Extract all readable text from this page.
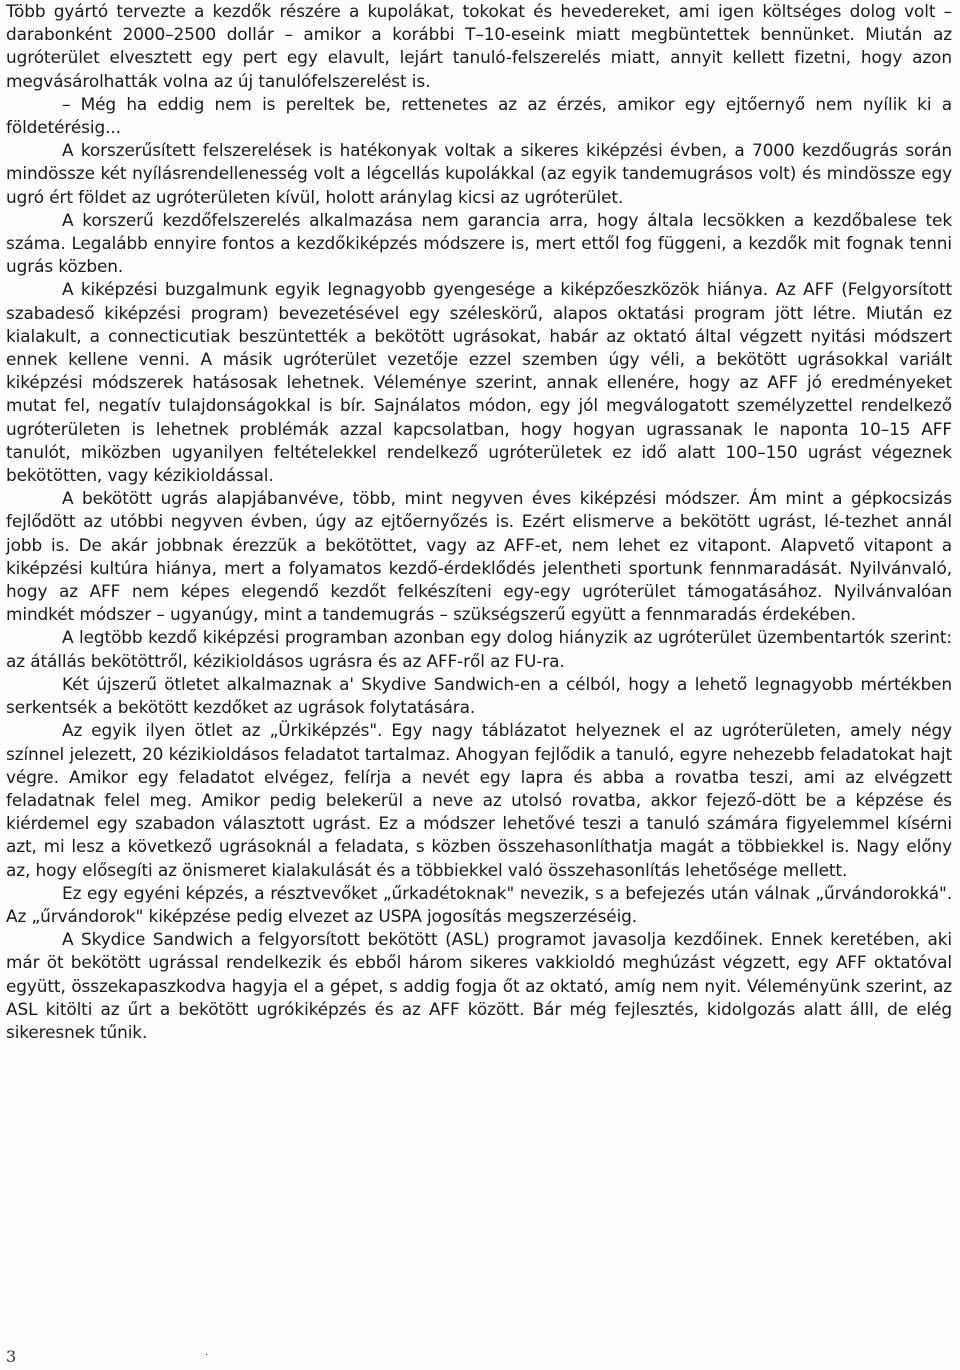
Több gyártó tervezte a kezdők részére a kupolákat, tokokat és hevedereket, ami igen költséges dolog volt – darabonként 2000–2500 dollár – amikor a korábbi T–10-eseink miatt megbüntettek bennünket. Miután az ugróterület elvesztett egy pert egy elavult, lejárt tanuló-felszerelés miatt, annyit kellett fizetni, hogy azon megvásárolhatták volna az új tanulófelszerelést is.

– Még ha eddig nem is pereltek be, rettenetes az az érzés, amikor egy ejtőernyő nem nyílik ki a földetérésig...

A korszerűsített felszerelések is hatékonyak voltak a sikeres kiképzési évben, a 7000 kezdőugrás során mindössze két nyílásrendellenesség volt a légcellás kupolákkal (az egyik tandemugrásos volt) és mindössze egy ugró ért földet az ugróterületen kívül, holott aránylag kicsi az ugróterület.

A korszerű kezdőfelszerelés alkalmazása nem garancia arra, hogy általa lecsökken a kezdőbalese tek száma. Legalább ennyire fontos a kezdőkiképzés módszere is, mert ettől fog függeni, a kezdők mit fognak tenni ugrás közben.

A kiképzési buzgalmunk egyik legnagyobb gyengesége a kiképzőeszközök hiánya. Az AFF (Felgyorsított szabadeső kiképzési program) bevezetésével egy széleskörű, alapos oktatási program jött létre. Miután ez kialakult, a connecticutiak beszüntették a bekötött ugrásokat, habár az oktató által végzett nyitási módszert ennek kellene venni. A másik ugróterület vezetője ezzel szemben úgy véli, a bekötött ugrásokkal variált kiképzési módszerek hatásosak lehetnek. Véleménye szerint, annak ellenére, hogy az AFF jó eredményeket mutat fel, negatív tulajdonságokkal is bír. Sajnálatos módon, egy jól megválogatott személyzettel rendelkező ugróterületen is lehetnek problémák azzal kapcsolatban, hogy hogyan ugrassanak le naponta 10–15 AFF tanulót, miközben ugyanilyen feltételekkel rendelkező ugróterületek ez idő alatt 100–150 ugrást végeznek bekötötten, vagy kézikioldással.

A bekötött ugrás alapjábanvéve, több, mint negyven éves kiképzési módszer. Ám mint a gépkocsizás fejlődött az utóbbi negyven évben, úgy az ejtőernyőzés is. Ezért elismerve a bekötött ugrást, lé-tezhet annál jobb is. De akár jobbnak érezzük a bekötöttet, vagy az AFF-et, nem lehet ez vitapont. Alapvető vitapont a kiképzési kultúra hiánya, mert a folyamatos kezdő-érdeklődés jelentheti sportunk fennmaradását. Nyilvánvaló, hogy az AFF nem képes elegendő kezdőt felkészíteni egy-egy ugróterület támogatásához. Nyilvánvalóan mindkét módszer – ugyanúgy, mint a tandemugrás – szükségszerű együtt a fennmaradás érdekében.

A legtöbb kezdő kiképzési programban azonban egy dolog hiányzik az ugróterület üzembentartók szerint: az átállás bekötöttről, kézikioldásos ugrásra és az AFF-ről az FU-ra.

Két újszerű ötletet alkalmaznak a' Skydive Sandwich-en a célból, hogy a lehető legnagyobb mértékben serkentsék a bekötött kezdőket az ugrások folytatására.

Az egyik ilyen ötlet az „Ürkiképzés". Egy nagy táblázatot helyeznek el az ugróterületen, amely négy színnel jelezett, 20 kézikioldásos feladatot tartalmaz. Ahogyan fejlődik a tanuló, egyre nehezebb feladatokat hajt végre. Amikor egy feladatot elvégez, felírja a nevét egy lapra és abba a rovatba teszi, ami az elvégzett feladatnak felel meg. Amikor pedig belekerül a neve az utolsó rovatba, akkor fejező-dött be a képzése és kiérdemel egy szabadon választott ugrást. Ez a módszer lehetővé teszi a tanuló számára figyelemmel kísérni azt, mi lesz a következő ugrásoknál a feladata, s közben összehasonlíthatja magát a többiekkel is. Nagy előny az, hogy elősegíti az önismeret kialakulását és a többiekkel való összehasonlítás lehetősége mellett.

Ez egy egyéni képzés, a résztvevőket „űrkadétoknak" nevezik, s a befejezés után válnak „űrvándorokká". Az „űrvándorok" kiképzése pedig elvezet az USPA jogosítás megszerzéséig.

A Skydice Sandwich a felgyorsított bekötött (ASL) programot javasolja kezdőinek. Ennek keretében, aki már öt bekötött ugrással rendelkezik és ebből három sikeres vakkioldó meghúzást végzett, egy AFF oktatóval együtt, összekapaszkodva hagyja el a gépet, s addig fogja őt az oktató, amíg nem nyit. Véleményünk szerint, az ASL kitölti az űrt a bekötött ugrókiképzés és az AFF között. Bár még fejlesztés, kidolgozás alatt álll, de elég sikeresnek tűnik.

3	·
